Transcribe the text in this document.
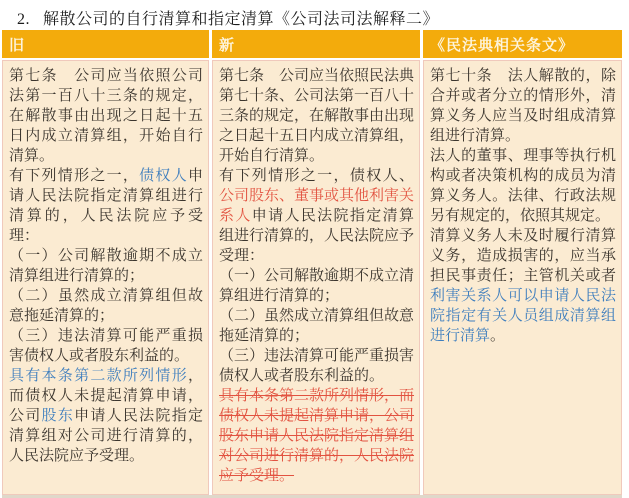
2. 解散公司的自行清算和指定清算《公司法司法解释二》
旧	新	《民法典相关条文》

第七条　公司应当依照公司法第一百八十三条的规定，在解散事由出现之日起十五日内成立清算组，开始自行清算。

有下列情形之一，债权人申请人民法院指定清算组进行清算的，人民法院应予受理：

（一）公司解散逾期不成立清算组进行清算的；

（二）虽然成立清算组但故意拖延清算的；

（三）违法清算可能严重损害债权人或者股东利益的。

具有本条第二款所列情形，而债权人未提起清算申请，公司股东申请人民法院指定清算组对公司进行清算的，人民法院应予受理。

第七条　公司应当依照民法典第七十条、公司法第一百八十三条的规定，在解散事由出现之日起十五日内成立清算组，开始自行清算。

有下列情形之一，债权人、公司股东、董事或其他利害关系人申请人民法院指定清算组进行清算的，人民法院应予受理：

（一）公司解散逾期不成立清算组进行清算的；

（二）虽然成立清算组但故意拖延清算的；

（三）违法清算可能严重损害债权人或者股东利益的。

具有本条第二款所列情形，而债权人未提起清算申请，公司股东申请人民法院指定清算组对公司进行清算的，人民法院应予受理。

第七十条　法人解散的，除合并或者分立的情形外，清算义务人应当及时组成清算组进行清算。

法人的董事、理事等执行机构或者决策机构的成员为清算义务人。法律、行政法规另有规定的，依照其规定。

清算义务人未及时履行清算义务，造成损害的，应当承担民事责任；主管机关或者利害关系人可以申请人民法院指定有关人员组成清算组进行清算。
